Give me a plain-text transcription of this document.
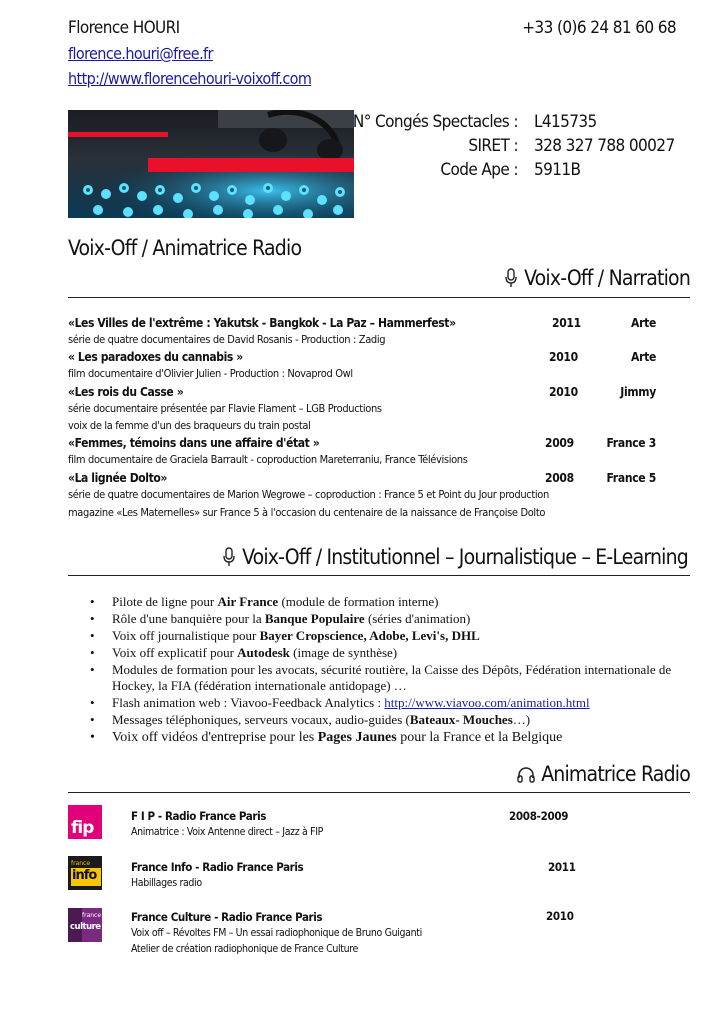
Florence HOURI	+33 (0)6 24 81 60 68
florence.houri@free.fr
http://www.florencehouri-voixoff.com
N° Congés Spectacles : L415735
SIRET : 328 327 788 00027
Code Ape : 5911B
Voix-Off / Animatrice Radio
Voix-Off / Narration
«Les Villes de l'extrême : Yakutsk - Bangkok - La Paz – Hammerfest»	2011	Arte
série de quatre documentaires de David Rosanis - Production : Zadig
« Les paradoxes du cannabis »	2010	Arte
film documentaire d'Olivier Julien - Production : Novaprod Owl
«Les rois du Casse »	2010	Jimmy
série documentaire présentée par Flavie Flament – LGB Productions
voix de la femme d'un des braqueurs du train postal
«Femmes, témoins dans une affaire d'état »	2009	France 3
film documentaire de Graciela Barrault - coproduction Mareterraniu, France Télévisions
«La lignée Dolto»	2008	France 5
série de quatre documentaires de Marion Wegrowe – coproduction : France 5 et Point du Jour production
magazine «Les Maternelles» sur France 5 à l'occasion du centenaire de la naissance de Françoise Dolto
Voix-Off / Institutionnel – Journalistique – E-Learning
• Pilote de ligne pour Air France (module de formation interne)
• Rôle d'une banquière pour la Banque Populaire (séries d'animation)
• Voix off journalistique pour Bayer Cropscience, Adobe, Levi's, DHL
• Voix off explicatif pour Autodesk (image de synthèse)
• Modules de formation pour les avocats, sécurité routière, la Caisse des Dépôts, Fédération internationale de Hockey, la FIA (fédération internationale antidopage) …
• Flash animation web : Viavoo-Feedback Analytics : http://www.viavoo.com/animation.html
• Messages téléphoniques, serveurs vocaux, audio-guides (Bateaux- Mouches…)
• Voix off vidéos d'entreprise pour les Pages Jaunes pour la France et la Belgique
Animatrice Radio
fip
F I P - Radio France Paris	2008-2009
Animatrice : Voix Antenne direct – Jazz à FIP
france
info
France Info - Radio France Paris	2011
Habillages radio
france
culture
France Culture - Radio France Paris	2010
Voix off – Révoltes FM – Un essai radiophonique de Bruno Guiganti
Atelier de création radiophonique de France Culture
